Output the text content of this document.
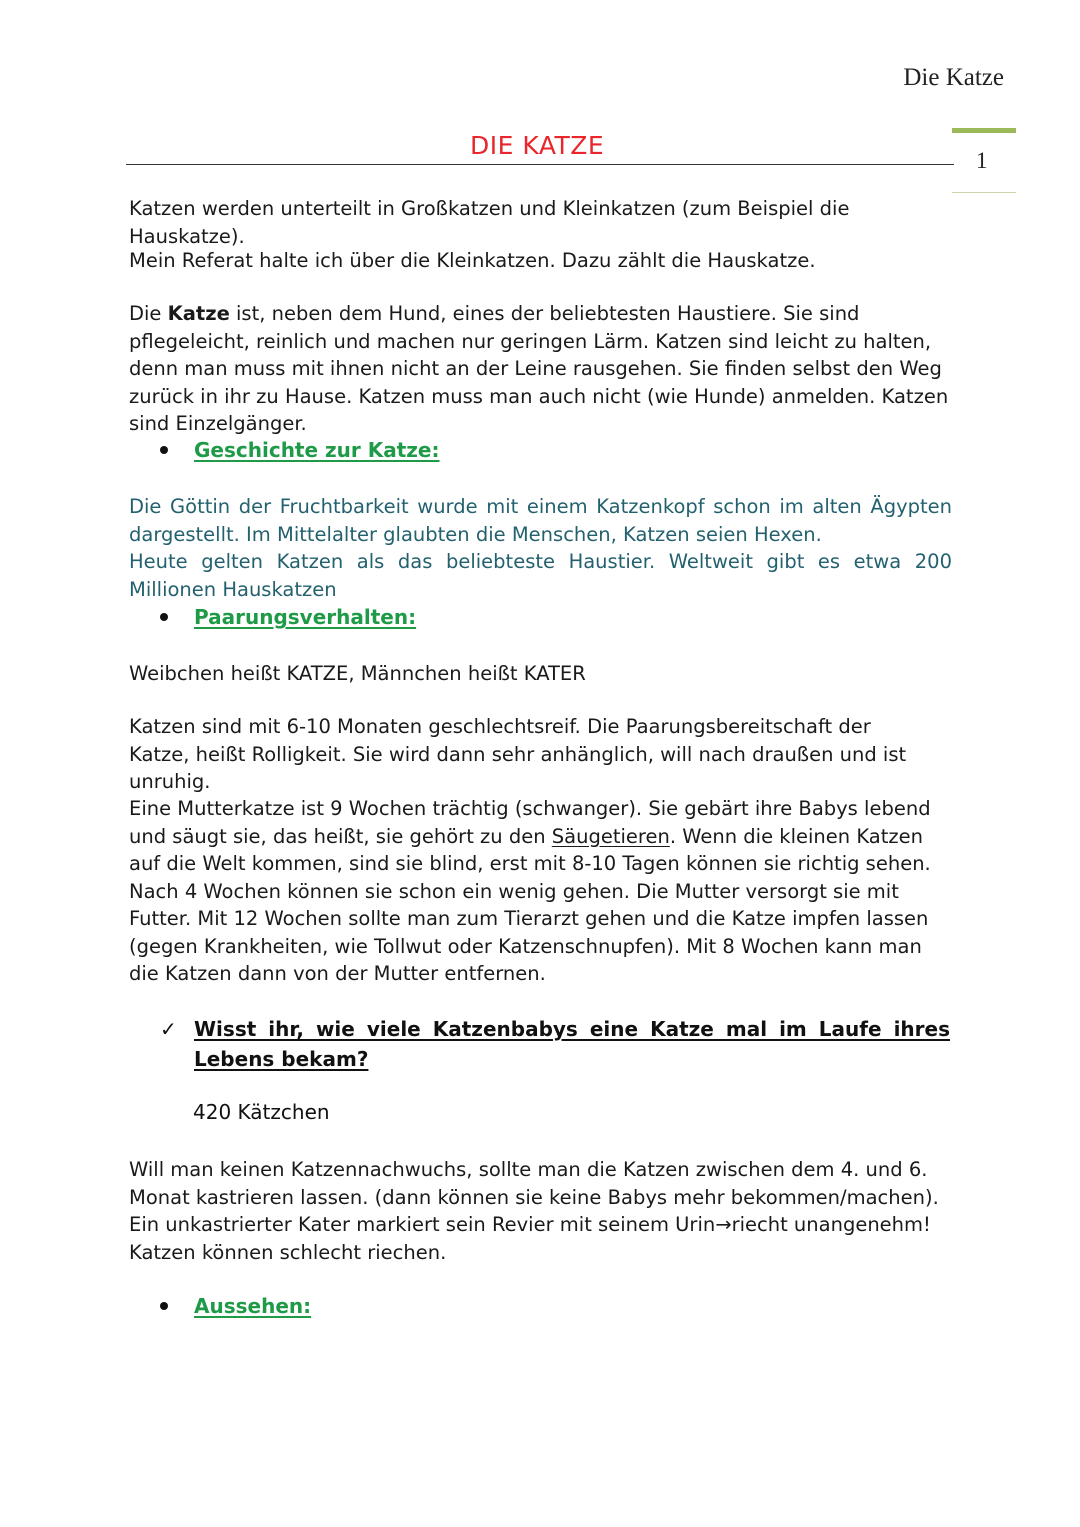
Die Katze
1
DIE KATZE

Katzen werden unterteilt in Großkatzen und Kleinkatzen (zum Beispiel die Hauskatze).

Mein Referat halte ich über die Kleinkatzen. Dazu zählt die Hauskatze.

Die Katze ist, neben dem Hund, eines der beliebtesten Haustiere. Sie sind pflegeleicht, reinlich und machen nur geringen Lärm. Katzen sind leicht zu halten, denn man muss mit ihnen nicht an der Leine rausgehen. Sie finden selbst den Weg zurück in ihr zu Hause. Katzen muss man auch nicht (wie Hunde) anmelden. Katzen sind Einzelgänger.

Geschichte zur Katze:

Die Göttin der Fruchtbarkeit wurde mit einem Katzenkopf schon im alten Ägypten dargestellt. Im Mittelalter glaubten die Menschen, Katzen seien Hexen.

Heute gelten Katzen als das beliebteste Haustier. Weltweit gibt es etwa 200 Millionen Hauskatzen

Paarungsverhalten:

Weibchen heißt KATZE, Männchen heißt KATER

Katzen sind mit 6-10 Monaten geschlechtsreif. Die Paarungsbereitschaft der Katze, heißt Rolligkeit. Sie wird dann sehr anhänglich, will nach draußen und ist unruhig.

Eine Mutterkatze ist 9 Wochen trächtig (schwanger). Sie gebärt ihre Babys lebend und säugt sie, das heißt, sie gehört zu den Säugetieren. Wenn die kleinen Katzen auf die Welt kommen, sind sie blind, erst mit 8-10 Tagen können sie richtig sehen. Nach 4 Wochen können sie schon ein wenig gehen. Die Mutter versorgt sie mit Futter. Mit 12 Wochen sollte man zum Tierarzt gehen und die Katze impfen lassen (gegen Krankheiten, wie Tollwut oder Katzenschnupfen). Mit 8 Wochen kann man die Katzen dann von der Mutter entfernen.

✓ Wisst ihr, wie viele Katzenbabys eine Katze mal im Laufe ihres Lebens bekam?
420 Kätzchen

Will man keinen Katzennachwuchs, sollte man die Katzen zwischen dem 4. und 6. Monat kastrieren lassen. (dann können sie keine Babys mehr bekommen/machen). Ein unkastrierter Kater markiert sein Revier mit seinem Urin→riecht unangenehm! Katzen können schlecht riechen.

Aussehen:
